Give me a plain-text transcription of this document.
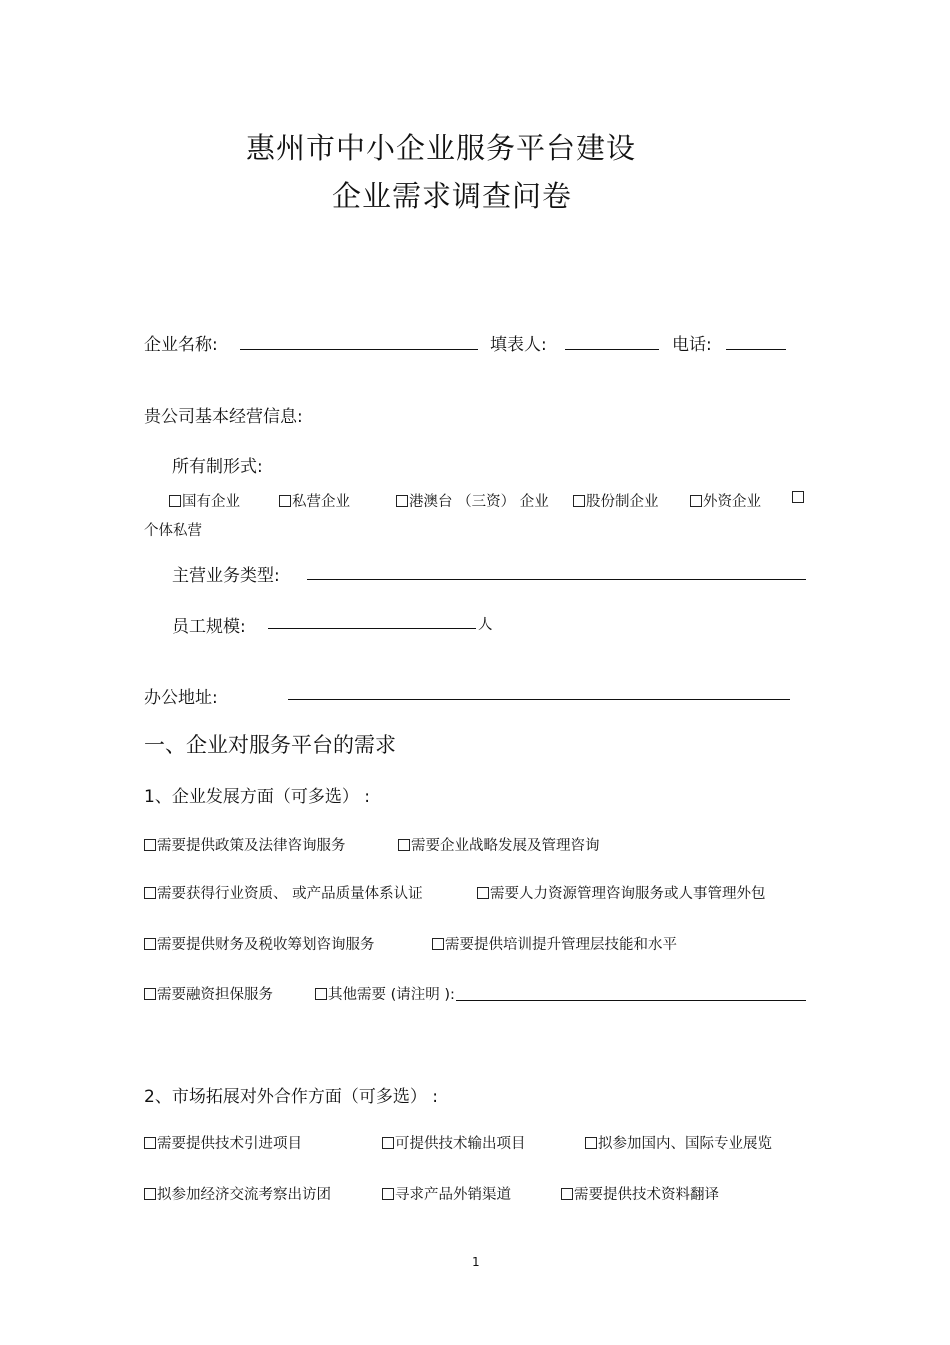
惠州市中小企业服务平台建设
企业需求调查问卷
企业名称:	填表人:	电话:
贵公司基本经营信息:
所有制形式:
国有企业	私营企业	港澳台 （三资） 企业	股份制企业	外资企业
个体私营
主营业务类型:
员工规模:	人
办公地址:
一、企业对服务平台的需求
1、企业发展方面（可多选） :
需要提供政策及法律咨询服务	需要企业战略发展及管理咨询
需要获得行业资质、 或产品质量体系认证	需要人力资源管理咨询服务或人事管理外包
需要提供财务及税收筹划咨询服务	需要提供培训提升管理层技能和水平
需要融资担保服务	其他需要 (请注明 ):
2、市场拓展对外合作方面（可多选） :
需要提供技术引进项目	可提供技术输出项目	拟参加国内、国际专业展览
拟参加经济交流考察出访团	寻求产品外销渠道	需要提供技术资料翻译
1
